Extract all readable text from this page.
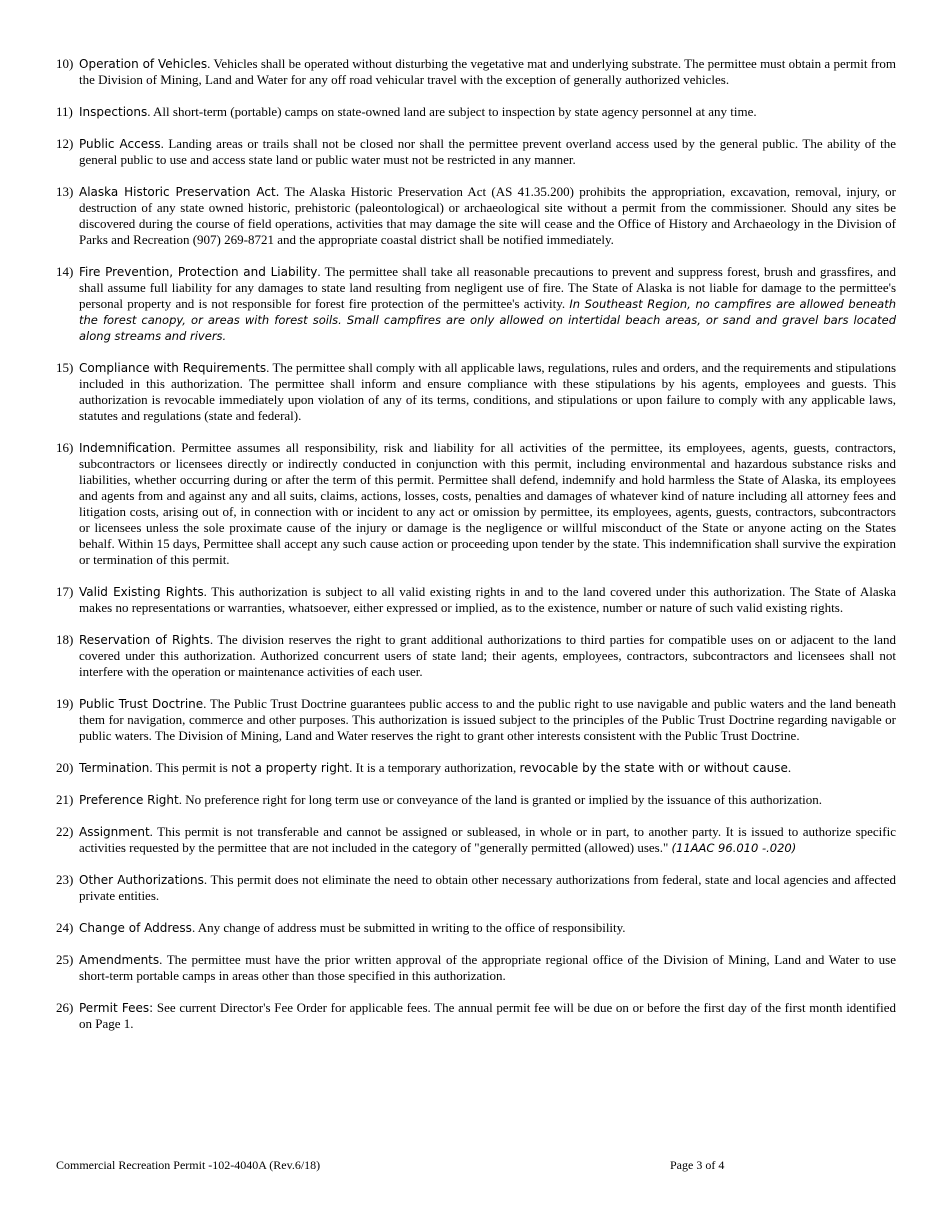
10) Operation of Vehicles. Vehicles shall be operated without disturbing the vegetative mat and underlying substrate. The permittee must obtain a permit from the Division of Mining, Land and Water for any off road vehicular travel with the exception of generally authorized vehicles.
11) Inspections. All short-term (portable) camps on state-owned land are subject to inspection by state agency personnel at any time.
12) Public Access. Landing areas or trails shall not be closed nor shall the permittee prevent overland access used by the general public. The ability of the general public to use and access state land or public water must not be restricted in any manner.
13) Alaska Historic Preservation Act. The Alaska Historic Preservation Act (AS 41.35.200) prohibits the appropriation, excavation, removal, injury, or destruction of any state owned historic, prehistoric (paleontological) or archaeological site without a permit from the commissioner. Should any sites be discovered during the course of field operations, activities that may damage the site will cease and the Office of History and Archaeology in the Division of Parks and Recreation (907) 269-8721 and the appropriate coastal district shall be notified immediately.
14) Fire Prevention, Protection and Liability. The permittee shall take all reasonable precautions to prevent and suppress forest, brush and grassfires, and shall assume full liability for any damages to state land resulting from negligent use of fire. The State of Alaska is not liable for damage to the permittee's personal property and is not responsible for forest fire protection of the permittee's activity. In Southeast Region, no campfires are allowed beneath the forest canopy, or areas with forest soils. Small campfires are only allowed on intertidal beach areas, or sand and gravel bars located along streams and rivers.
15) Compliance with Requirements. The permittee shall comply with all applicable laws, regulations, rules and orders, and the requirements and stipulations included in this authorization. The permittee shall inform and ensure compliance with these stipulations by his agents, employees and guests. This authorization is revocable immediately upon violation of any of its terms, conditions, and stipulations or upon failure to comply with any applicable laws, statutes and regulations (state and federal).
16) Indemnification. Permittee assumes all responsibility, risk and liability for all activities of the permittee, its employees, agents, guests, contractors, subcontractors or licensees directly or indirectly conducted in conjunction with this permit, including environmental and hazardous substance risks and liabilities, whether occurring during or after the term of this permit. Permittee shall defend, indemnify and hold harmless the State of Alaska, its employees and agents from and against any and all suits, claims, actions, losses, costs, penalties and damages of whatever kind of nature including all attorney fees and litigation costs, arising out of, in connection with or incident to any act or omission by permittee, its employees, agents, guests, contractors, subcontractors or licensees unless the sole proximate cause of the injury or damage is the negligence or willful misconduct of the State or anyone acting on the States behalf. Within 15 days, Permittee shall accept any such cause action or proceeding upon tender by the state. This indemnification shall survive the expiration or termination of this permit.
17) Valid Existing Rights. This authorization is subject to all valid existing rights in and to the land covered under this authorization. The State of Alaska makes no representations or warranties, whatsoever, either expressed or implied, as to the existence, number or nature of such valid existing rights.
18) Reservation of Rights. The division reserves the right to grant additional authorizations to third parties for compatible uses on or adjacent to the land covered under this authorization. Authorized concurrent users of state land; their agents, employees, contractors, subcontractors and licensees shall not interfere with the operation or maintenance activities of each user.
19) Public Trust Doctrine. The Public Trust Doctrine guarantees public access to and the public right to use navigable and public waters and the land beneath them for navigation, commerce and other purposes. This authorization is issued subject to the principles of the Public Trust Doctrine regarding navigable or public waters. The Division of Mining, Land and Water reserves the right to grant other interests consistent with the Public Trust Doctrine.
20) Termination. This permit is not a property right. It is a temporary authorization, revocable by the state with or without cause.
21) Preference Right. No preference right for long term use or conveyance of the land is granted or implied by the issuance of this authorization.
22) Assignment. This permit is not transferable and cannot be assigned or subleased, in whole or in part, to another party. It is issued to authorize specific activities requested by the permittee that are not included in the category of "generally permitted (allowed) uses." (11AAC 96.010 -.020)
23) Other Authorizations. This permit does not eliminate the need to obtain other necessary authorizations from federal, state and local agencies and affected private entities.
24) Change of Address. Any change of address must be submitted in writing to the office of responsibility.
25) Amendments. The permittee must have the prior written approval of the appropriate regional office of the Division of Mining, Land and Water to use short-term portable camps in areas other than those specified in this authorization.
26) Permit Fees: See current Director's Fee Order for applicable fees. The annual permit fee will be due on or before the first day of the first month identified on Page 1.
Commercial Recreation Permit -102-4040A (Rev.6/18)	Page 3 of 4
